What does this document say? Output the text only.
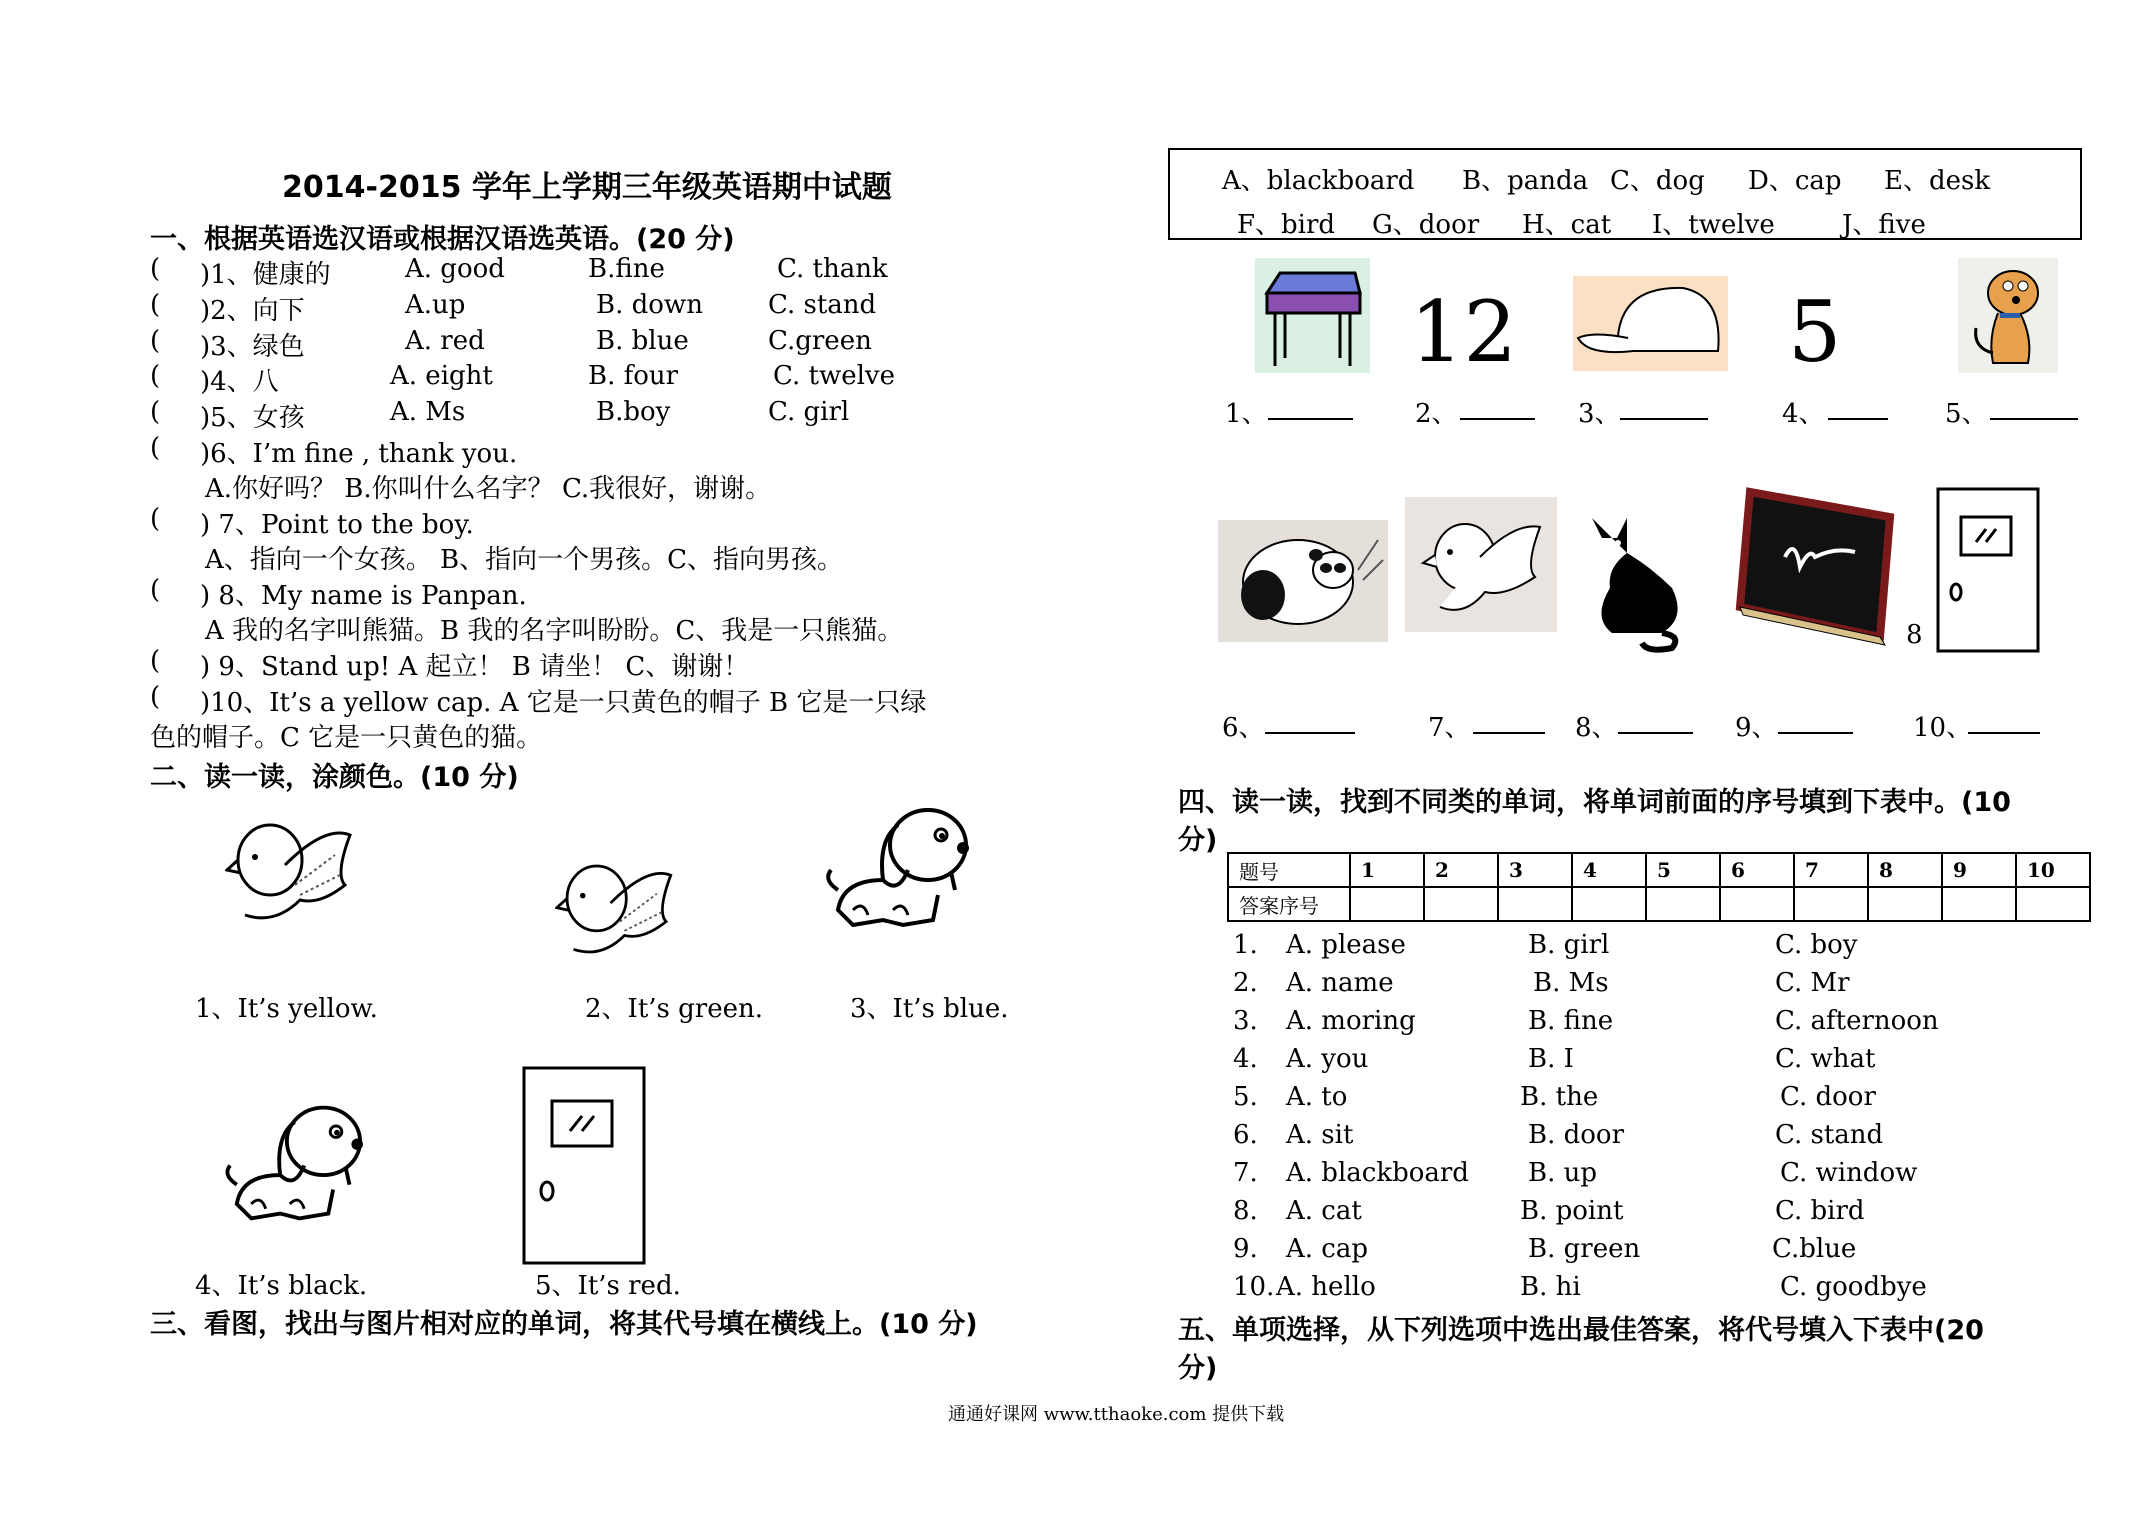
2014-2015 学年上学期三年级英语期中试题
一、根据英语选汉语或根据汉语选英语。(20 分)
( )1、健康的	A. good	B.fine	C. thank
( )2、向下	A.up	B. down	C. stand
( )3、绿色	A. red	B. blue	C.green
( )4、八	A. eight	B. four	C. twelve
( )5、女孩	A. Ms	B.boy	C. girl
( )6、I’m fine , thank you.
A.你好吗？ B.你叫什么名字？ C.我很好，谢谢。
( ) 7、Point to the boy.
A、指向一个女孩。 B、指向一个男孩。C、指向男孩。
( ) 8、My name is Panpan.
A 我的名字叫熊猫。B 我的名字叫盼盼。C、我是一只熊猫。
( ) 9、Stand up! A 起立！ B 请坐！ C、谢谢！
( )10、It’s a yellow cap. A 它是一只黄色的帽子 B 它是一只绿
色的帽子。C 它是一只黄色的猫。
二、读一读，涂颜色。(10 分)
1、It’s yellow.	2、It’s green.	3、It’s blue.
4、It’s black.	5、It’s red.
三、看图，找出与图片相对应的单词，将其代号填在横线上。(10 分)
A、blackboard B、panda C、dog D、cap E、desk
F、bird G、door H、cat I、twelve	J、five
12	5
1、	2、	3、	4、	5、
8
6、	7、	8、	9、	10、
四、读一读，找到不同类的单词，将单词前面的序号填到下表中。(10
分)
题号	1	2	3	4	5	6	7	8	9	10
答案序号										
1. A. please	B. girl	C. boy
2. A. name	B. Ms	C. Mr
3. A. moring	B. fine	C. afternoon
4. A. you	B. I	C. what
5. A. to	B. the	C. door
6. A. sit	B. door	C. stand
7. A. blackboard B. up	C. window
8. A. cat	B. point	C. bird
9. A. cap	B. green	C.blue
10. A. hello	B. hi	C. goodbye
五、单项选择，从下列选项中选出最佳答案，将代号填入下表中(20
分)
通通好课网 www.tthaoke.com 提供下载
